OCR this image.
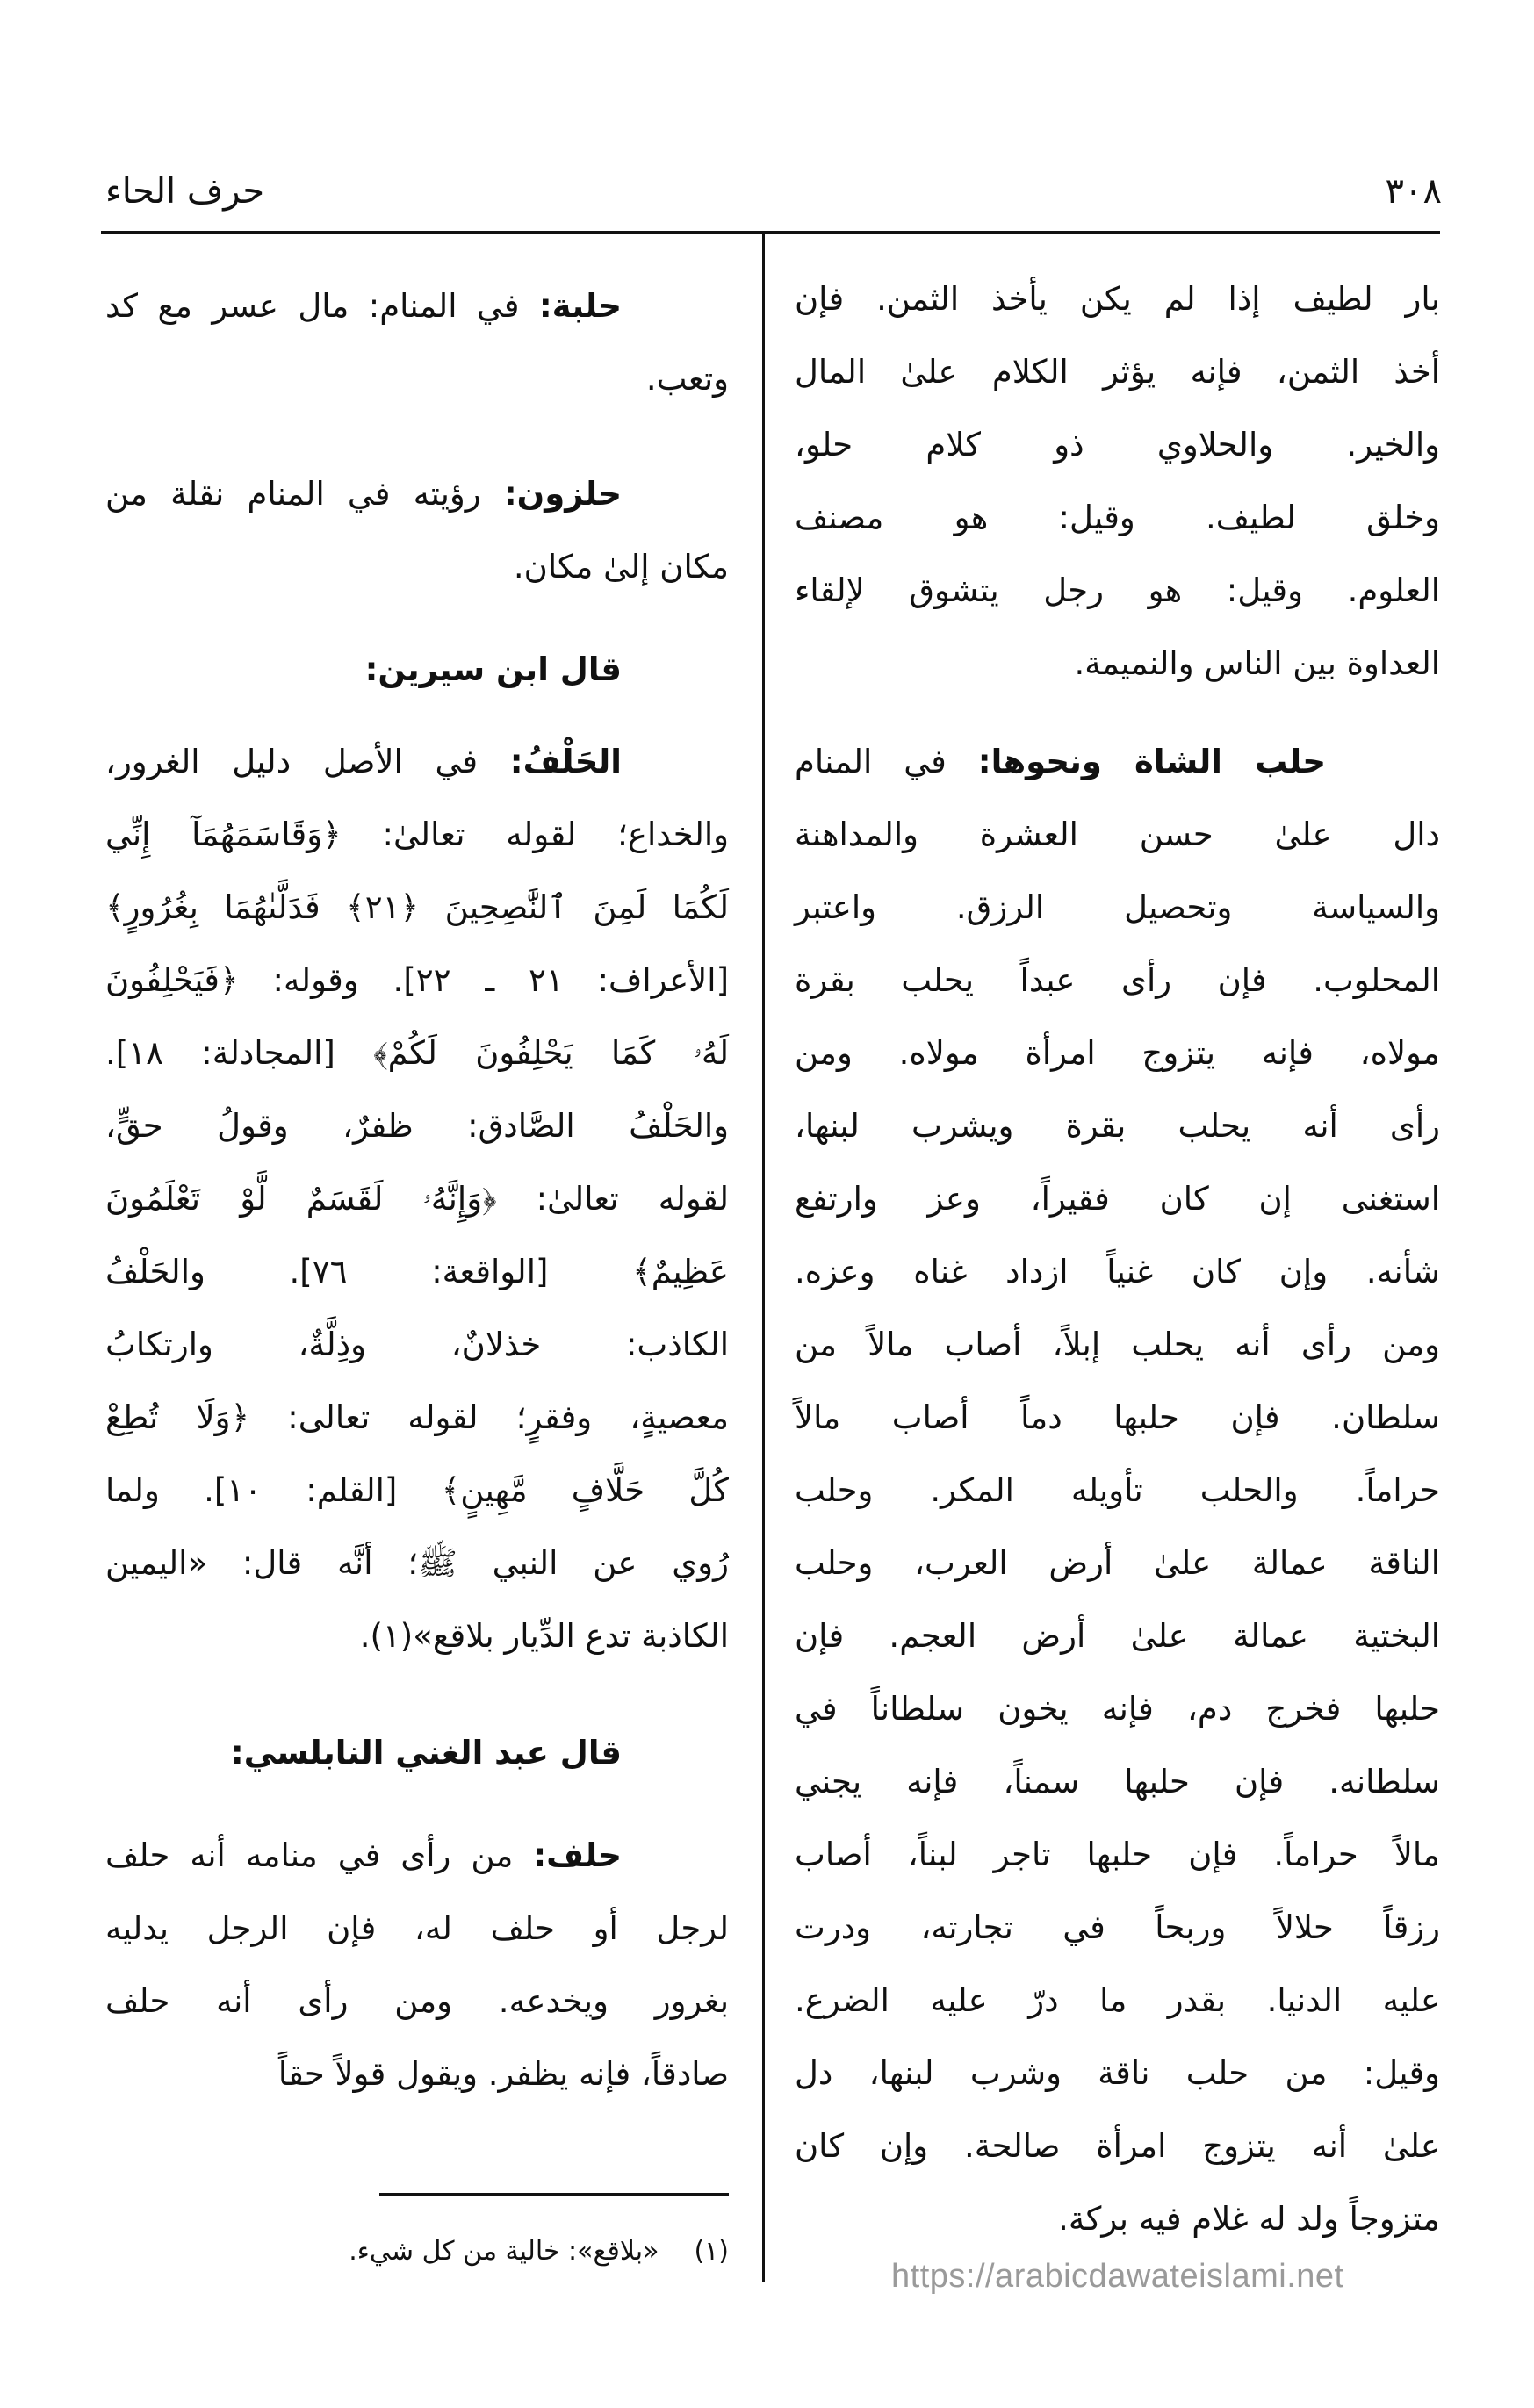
٣٠٨
حرف الحاء
بار لطيف إذا لم يكن يأخذ الثمن. فإن
أخذ الثمن، فإنه يؤثر الكلام علىٰ المال
والخير. والحلاوي ذو كلام حلو،
وخلق لطيف. وقيل: هو مصنف
العلوم. وقيل: هو رجل يتشوق لإلقاء
العداوة بين الناس والنميمة.
حلب الشاة ونحوها: في المنام
دال علىٰ حسن العشرة والمداهنة
والسياسة وتحصيل الرزق. واعتبر
المحلوب. فإن رأى عبداً يحلب بقرة
مولاه، فإنه يتزوج امرأة مولاه. ومن
رأى أنه يحلب بقرة ويشرب لبنها،
استغنى إن كان فقيراً، وعز وارتفع
شأنه. وإن كان غنياً ازداد غناه وعزه.
ومن رأى أنه يحلب إبلاً، أصاب مالاً من
سلطان. فإن حلبها دماً أصاب مالاً
حراماً. والحلب تأويله المكر. وحلب
الناقة عمالة علىٰ أرض العرب، وحلب
البختية عمالة علىٰ أرض العجم. فإن
حلبها فخرج دم، فإنه يخون سلطاناً في
سلطانه. فإن حلبها سمناً، فإنه يجني
مالاً حراماً. فإن حلبها تاجر لبناً، أصاب
رزقاً حلالاً وربحاً في تجارته، ودرت
عليه الدنيا. بقدر ما درّ عليه الضرع.
وقيل: من حلب ناقة وشرب لبنها، دل
علىٰ أنه يتزوج امرأة صالحة. وإن كان
متزوجاً ولد له غلام فيه بركة.
حلبة: في المنام: مال عسر مع كد
وتعب.
حلزون: رؤيته في المنام نقلة من
مكان إلىٰ مكان.
قال ابن سيرين:
الحَلْفُ: في الأصل دليل الغرور،
والخداع؛ لقوله تعالىٰ: ﴿وَقَاسَمَهُمَآ إِنِّي
لَكُمَا لَمِنَ ٱلنَّٰصِحِينَ ﴿٢١﴾ فَدَلَّىٰهُمَا بِغُرُورٍ﴾
[الأعراف: ٢١ ـ ٢٢]. وقوله: ﴿فَيَحْلِفُونَ
لَهُۥ كَمَا يَحْلِفُونَ لَكُمْ﴾ [المجادلة: ١٨].
والحَلْفُ الصَّادق: ظفرٌ، وقولُ حقٍّ،
لقوله تعالىٰ: ﴿وَإِنَّهُۥ لَقَسَمٌ لَّوْ تَعْلَمُونَ
عَظِيمٌ﴾ [الواقعة: ٧٦]. والحَلْفُ
الكاذب: خذلانٌ، وذِلَّةٌ، وارتكابُ
معصيةٍ، وفقرٍ؛ لقوله تعالى: ﴿وَلَا تُطِعْ
كُلَّ حَلَّافٍ مَّهِينٍ﴾ [القلم: ١٠]. ولما
رُوي عن النبي ﷺ؛ أنَّه قال: «اليمين
الكاذبة تدع الدِّيار بلاقع»(١).
قال عبد الغني النابلسي:
حلف: من رأى في منامه أنه حلف
لرجل أو حلف له، فإن الرجل يدليه
بغرور ويخدعه. ومن رأى أنه حلف
صادقاً، فإنه يظفر. ويقول قولاً حقاً
(١)«بلاقع»: خالية من كل شيء.
https://arabicdawateislami.net
